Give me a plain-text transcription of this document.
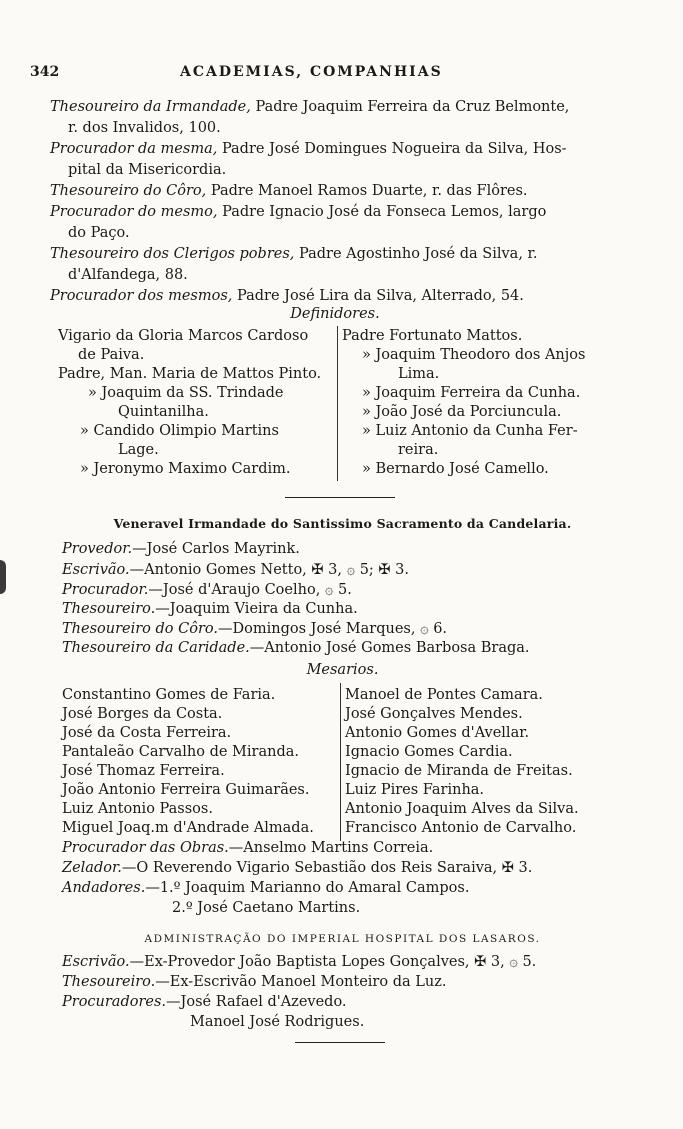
342	ACADEMIAS, COMPANHIAS
Thesoureiro da Irmandade, Padre Joaquim Ferreira da Cruz Belmonte,
r. dos Invalidos, 100.
Procurador da mesma, Padre José Domingues Nogueira da Silva, Hos-
pital da Misericordia.
Thesoureiro do Côro, Padre Manoel Ramos Duarte, r. das Flôres.
Procurador do mesmo, Padre Ignacio José da Fonseca Lemos, largo
do Paço.
Thesoureiro dos Clerigos pobres, Padre Agostinho José da Silva, r.
d'Alfandega, 88.
Procurador dos mesmos, Padre José Lira da Silva, Alterrado, 54.
Definidores.
Vigario da Gloria Marcos Cardoso
de Paiva.
Padre, Man. Maria de Mattos Pinto.
» Joaquim da SS. Trindade
Quintanilha.
» Candido Olimpio Martins
Lage.
» Jeronymo Maximo Cardim.
Padre Fortunato Mattos.
» Joaquim Theodoro dos Anjos
Lima.
» Joaquim Ferreira da Cunha.
» João José da Porciuncula.
» Luiz Antonio da Cunha Fer-
reira.
» Bernardo José Camello.
Veneravel Irmandade do Santissimo Sacramento da Candelaria.
Provedor.—José Carlos Mayrink.
Escrivão.—Antonio Gomes Netto, ✠ 3, ۞ 5; ✠ 3.
Procurador.—José d'Araujo Coelho, ۞ 5.
Thesoureiro.—Joaquim Vieira da Cunha.
Thesoureiro do Côro.—Domingos José Marques, ۞ 6.
Thesoureiro da Caridade.—Antonio José Gomes Barbosa Braga.
Mesarios.
Constantino Gomes de Faria.
José Borges da Costa.
José da Costa Ferreira.
Pantaleão Carvalho de Miranda.
José Thomaz Ferreira.
João Antonio Ferreira Guimarães.
Luiz Antonio Passos.
Miguel Joaq.m d'Andrade Almada.
Manoel de Pontes Camara.
José Gonçalves Mendes.
Antonio Gomes d'Avellar.
Ignacio Gomes Cardia.
Ignacio de Miranda de Freitas.
Luiz Pires Farinha.
Antonio Joaquim Alves da Silva.
Francisco Antonio de Carvalho.
Procurador das Obras.—Anselmo Martins Correia.
Zelador.—O Reverendo Vigario Sebastião dos Reis Saraiva, ✠ 3.
Andadores.—1.º Joaquim Marianno do Amaral Campos.
2.º José Caetano Martins.
ADMINISTRAÇÃO DO IMPERIAL HOSPITAL DOS LASAROS.
Escrivão.—Ex-Provedor João Baptista Lopes Gonçalves, ✠ 3, ۞ 5.
Thesoureiro.—Ex-Escrivão Manoel Monteiro da Luz.
Procuradores.—José Rafael d'Azevedo.
Manoel José Rodrigues.
